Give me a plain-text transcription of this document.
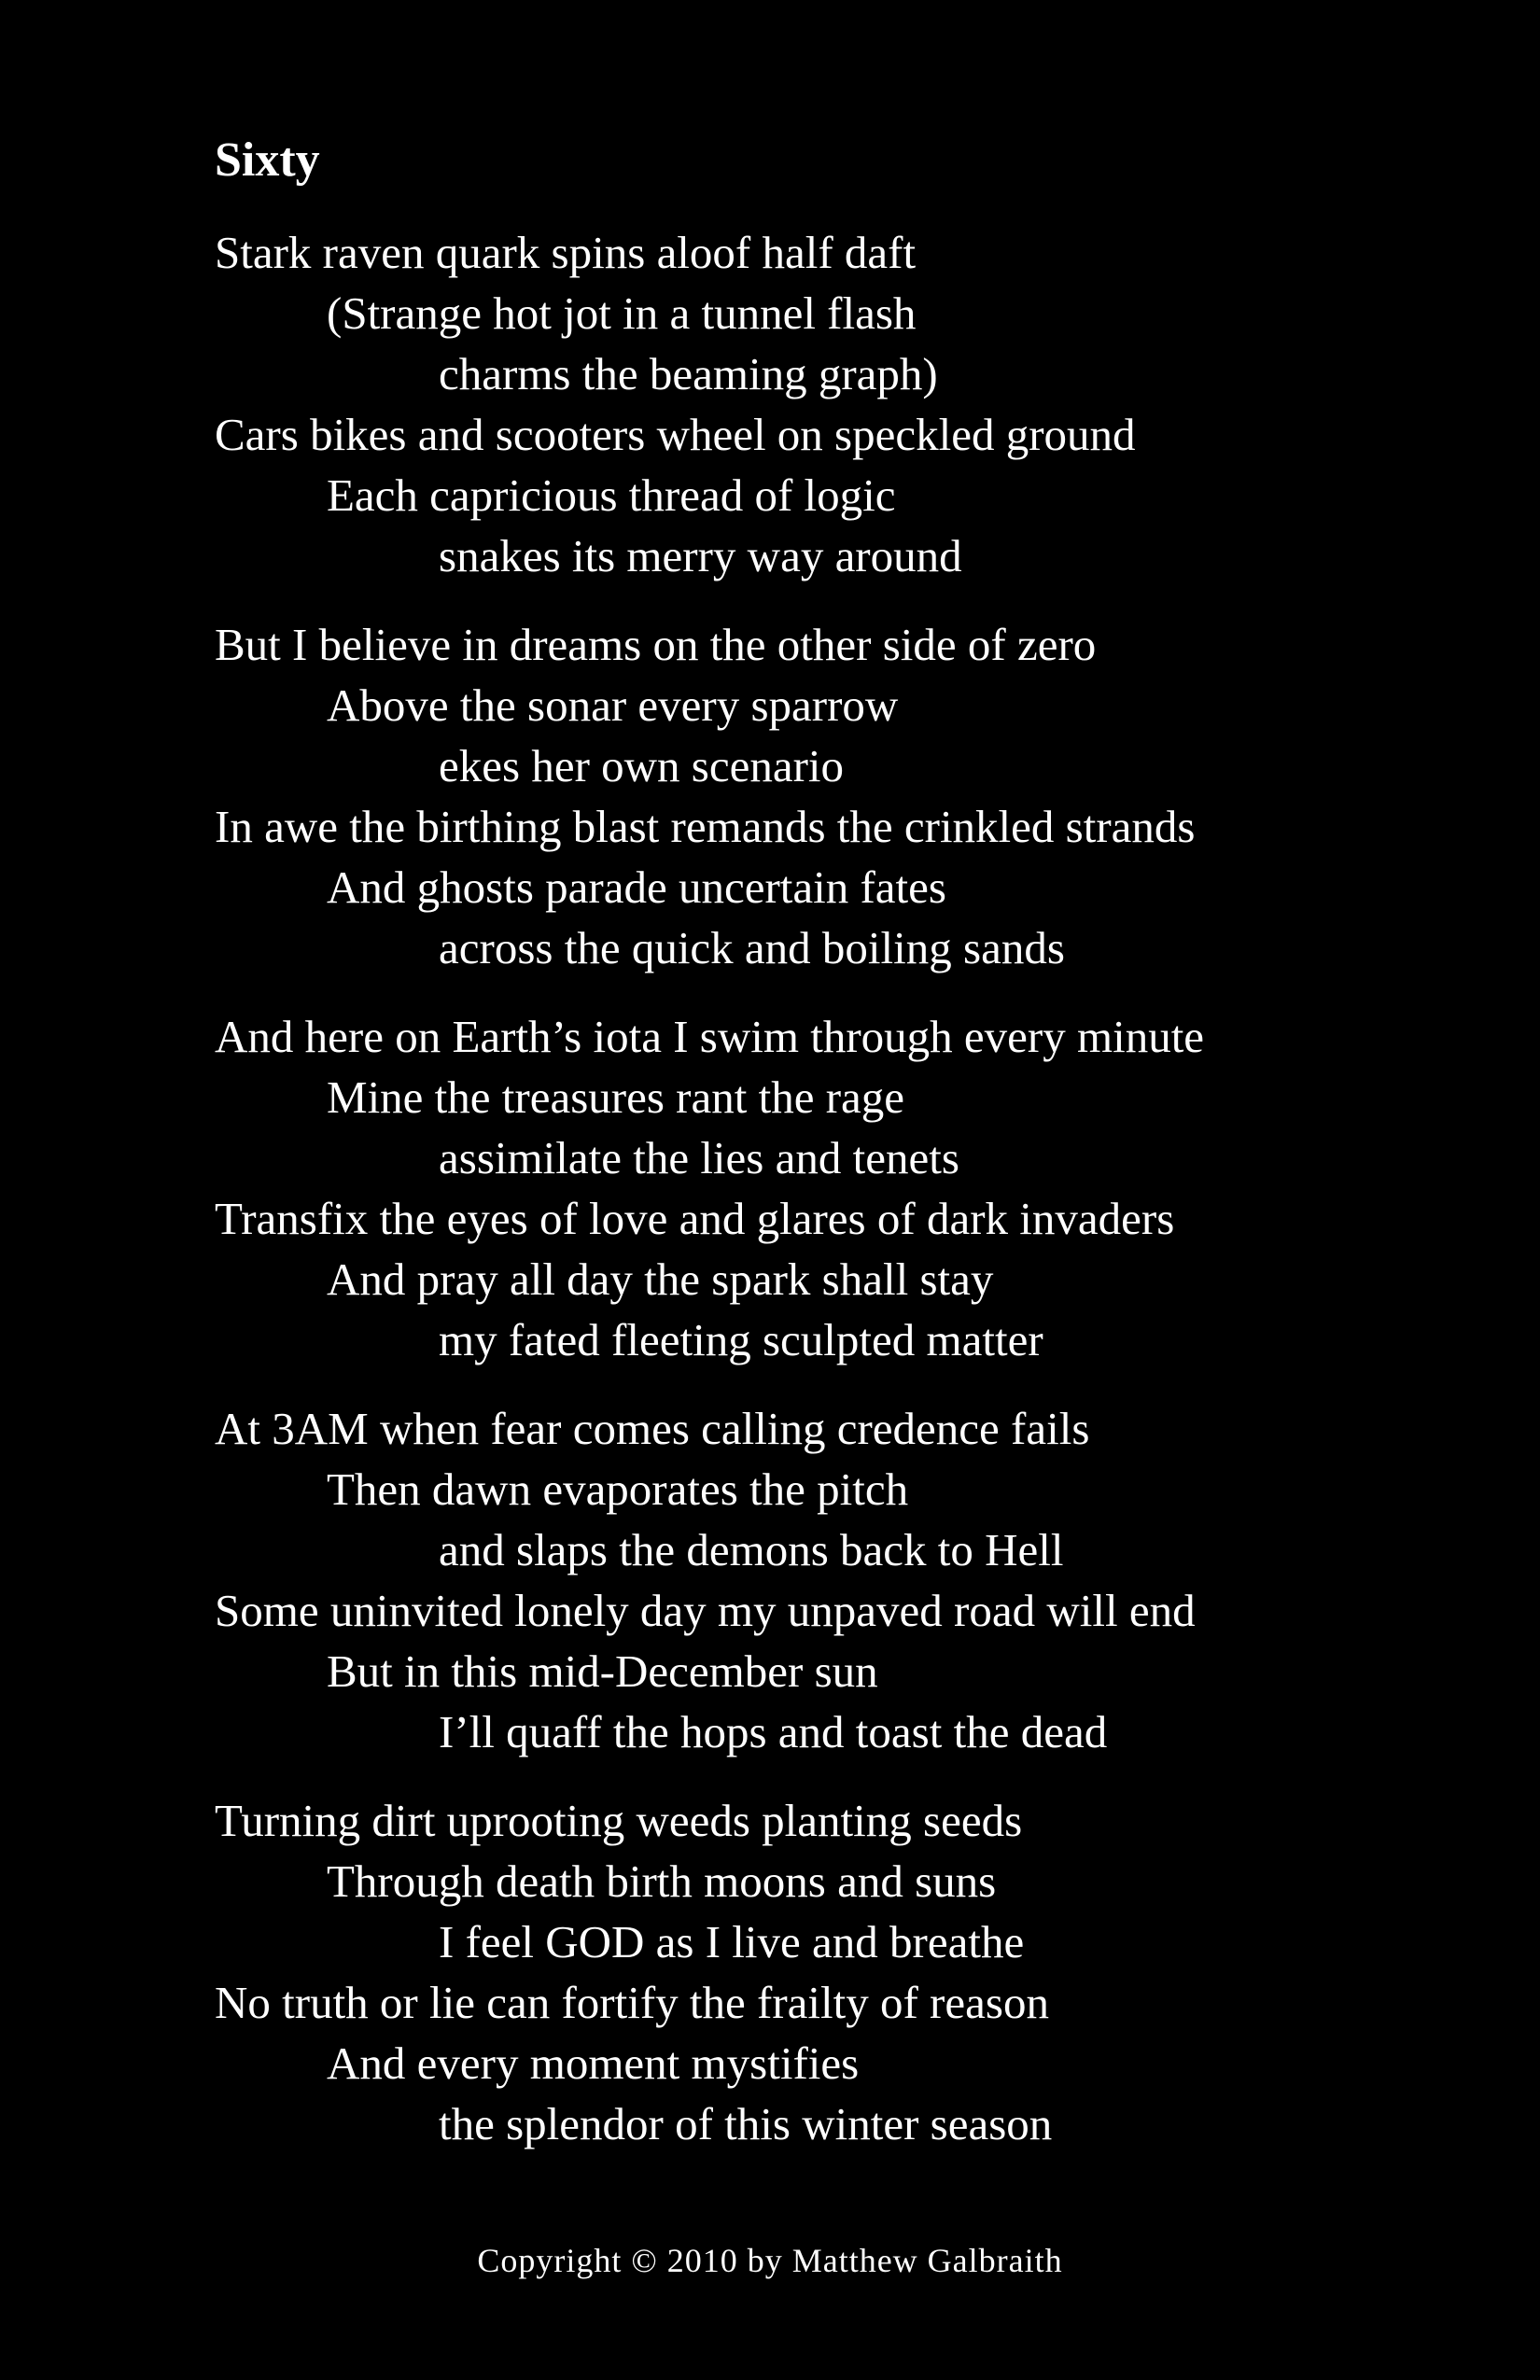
Sixty
Stark raven quark spins aloof half daft
(Strange hot jot in a tunnel flash
charms the beaming graph)
Cars bikes and scooters wheel on speckled ground
Each capricious thread of logic
snakes its merry way around
But I believe in dreams on the other side of zero
Above the sonar every sparrow
ekes her own scenario
In awe the birthing blast remands the crinkled strands
And ghosts parade uncertain fates
across the quick and boiling sands
And here on Earth’s iota I swim through every minute
Mine the treasures rant the rage
assimilate the lies and tenets
Transfix the eyes of love and glares of dark invaders
And pray all day the spark shall stay
my fated fleeting sculpted matter
At 3AM when fear comes calling credence fails
Then dawn evaporates the pitch
and slaps the demons back to Hell
Some uninvited lonely day my unpaved road will end
But in this mid-December sun
I’ll quaff the hops and toast the dead
Turning dirt uprooting weeds planting seeds
Through death birth moons and suns
I feel GOD as I live and breathe
No truth or lie can fortify the frailty of reason
And every moment mystifies
the splendor of this winter season
Copyright © 2010 by Matthew Galbraith
